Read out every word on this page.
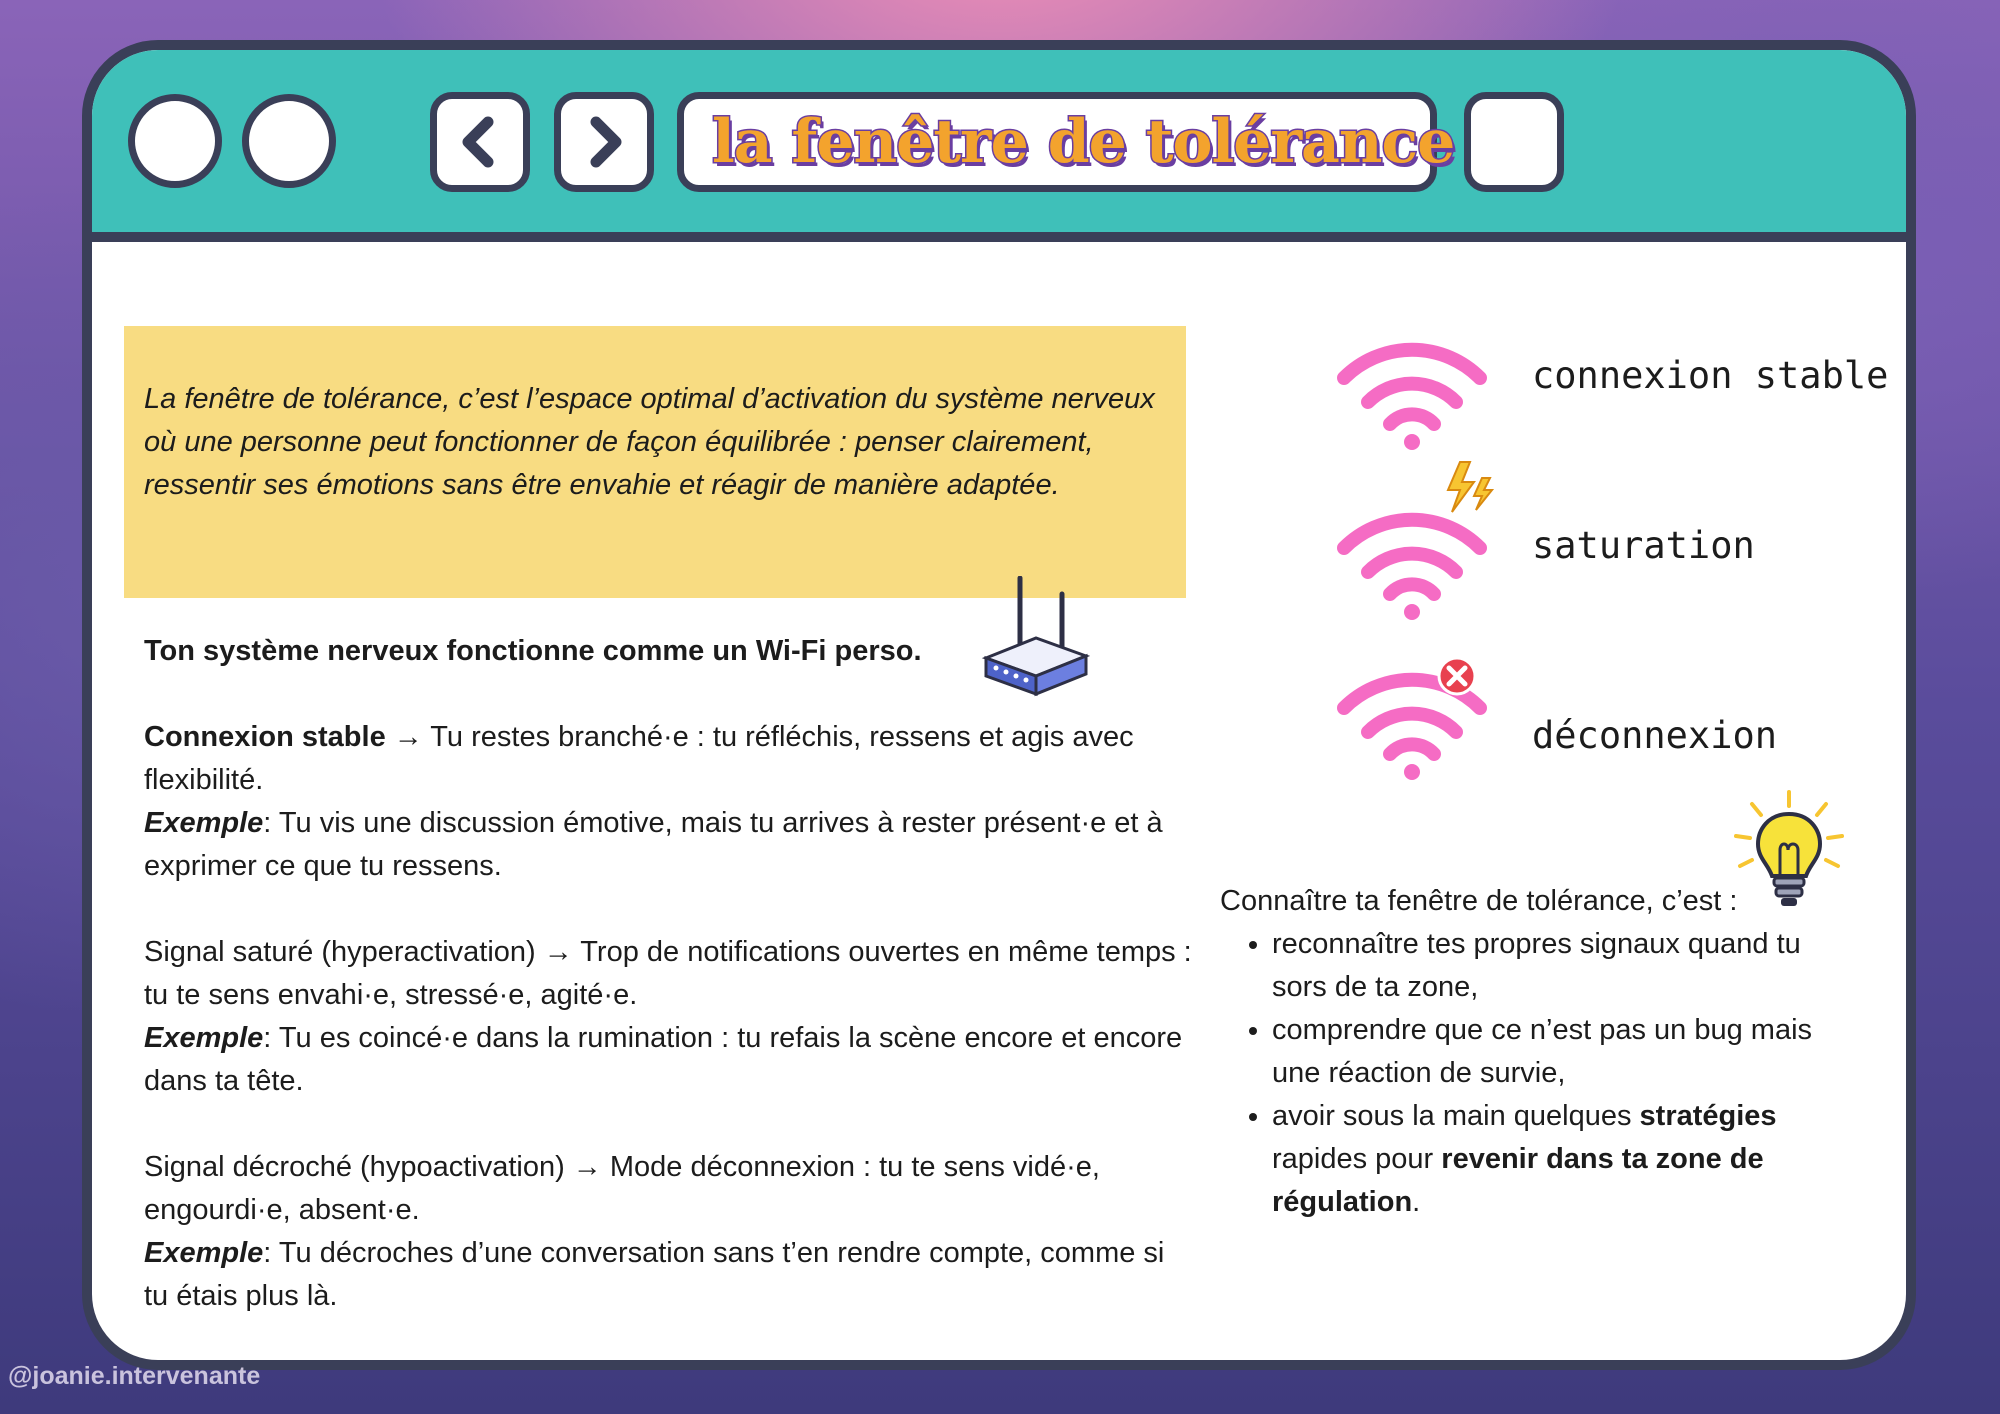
la fenêtre de tolérance

La fenêtre de tolérance, c’est l’espace optimal d’activation du système nerveux où une personne peut fonctionner de façon équilibrée : penser clairement, ressentir ses émotions sans être envahie et réagir de manière adaptée.

Ton système nerveux fonctionne comme un Wi-Fi perso.

Connexion stable → Tu restes branché·e : tu réfléchis, ressens et agis avec flexibilité.

Exemple: Tu vis une discussion émotive, mais tu arrives à rester présent·e et à exprimer ce que tu ressens.

Signal saturé (hyperactivation) → Trop de notifications ouvertes en même temps : tu te sens envahi·e, stressé·e, agité·e.

Exemple: Tu es coincé·e dans la rumination : tu refais la scène encore et encore dans ta tête.

Signal décroché (hypoactivation) → Mode déconnexion : tu te sens vidé·e, engourdi·e, absent·e.

Exemple: Tu décroches d’une conversation sans t’en rendre compte, comme si tu étais plus là.

connexion stable
saturation
déconnexion

Connaître ta fenêtre de tolérance, c’est :

• reconnaître tes propres signaux quand tu sors de ta zone,
• comprendre que ce n’est pas un bug mais une réaction de survie,
• avoir sous la main quelques stratégies rapides pour revenir dans ta zone de régulation.
@joanie.intervenante
